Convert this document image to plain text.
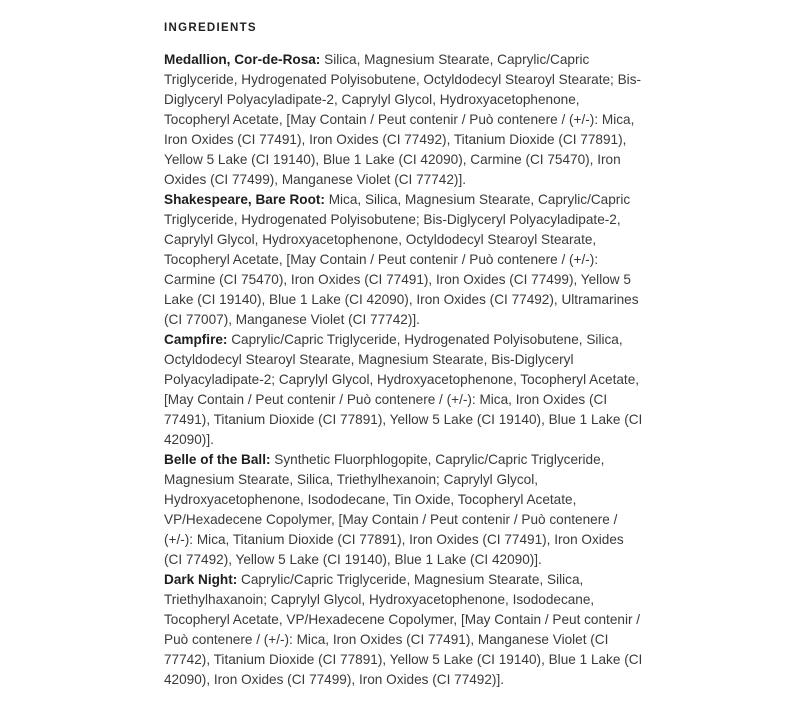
INGREDIENTS

Medallion, Cor-de-Rosa: Silica, Magnesium Stearate, Caprylic/Capric Triglyceride, Hydrogenated Polyisobutene, Octyldodecyl Stearoyl Stearate; Bis-Diglyceryl Polyacyladipate-2, Caprylyl Glycol, Hydroxyacetophenone, Tocopheryl Acetate, [May Contain / Peut contenir / Può contenere / (+/-): Mica, Iron Oxides (CI 77491), Iron Oxides (CI 77492), Titanium Dioxide (CI 77891), Yellow 5 Lake (CI 19140), Blue 1 Lake (CI 42090), Carmine (CI 75470), Iron Oxides (CI 77499), Manganese Violet (CI 77742)].

Shakespeare, Bare Root: Mica, Silica, Magnesium Stearate, Caprylic/Capric Triglyceride, Hydrogenated Polyisobutene; Bis-Diglyceryl Polyacyladipate-2, Caprylyl Glycol, Hydroxyacetophenone, Octyldodecyl Stearoyl Stearate, Tocopheryl Acetate, [May Contain / Peut contenir / Può contenere / (+/-): Carmine (CI 75470), Iron Oxides (CI 77491), Iron Oxides (CI 77499), Yellow 5 Lake (CI 19140), Blue 1 Lake (CI 42090), Iron Oxides (CI 77492), Ultramarines (CI 77007), Manganese Violet (CI 77742)].

Campfire: Caprylic/Capric Triglyceride, Hydrogenated Polyisobutene, Silica, Octyldodecyl Stearoyl Stearate, Magnesium Stearate, Bis-Diglyceryl Polyacyladipate-2; Caprylyl Glycol, Hydroxyacetophenone, Tocopheryl Acetate, [May Contain / Peut contenir / Può contenere / (+/-): Mica, Iron Oxides (CI 77491), Titanium Dioxide (CI 77891), Yellow 5 Lake (CI 19140), Blue 1 Lake (CI 42090)].

Belle of the Ball: Synthetic Fluorphlogopite, Caprylic/Capric Triglyceride, Magnesium Stearate, Silica, Triethylhexanoin; Caprylyl Glycol, Hydroxyacetophenone, Isododecane, Tin Oxide, Tocopheryl Acetate, VP/Hexadecene Copolymer, [May Contain / Peut contenir / Può contenere / (+/-): Mica, Titanium Dioxide (CI 77891), Iron Oxides (CI 77491), Iron Oxides (CI 77492), Yellow 5 Lake (CI 19140), Blue 1 Lake (CI 42090)].

Dark Night: Caprylic/Capric Triglyceride, Magnesium Stearate, Silica, Triethylhaxanoin; Caprylyl Glycol, Hydroxyacetophenone, Isododecane, Tocopheryl Acetate, VP/Hexadecene Copolymer, [May Contain / Peut contenir / Può contenere / (+/-): Mica, Iron Oxides (CI 77491), Manganese Violet (CI 77742), Titanium Dioxide (CI 77891), Yellow 5 Lake (CI 19140), Blue 1 Lake (CI 42090), Iron Oxides (CI 77499), Iron Oxides (CI 77492)].
